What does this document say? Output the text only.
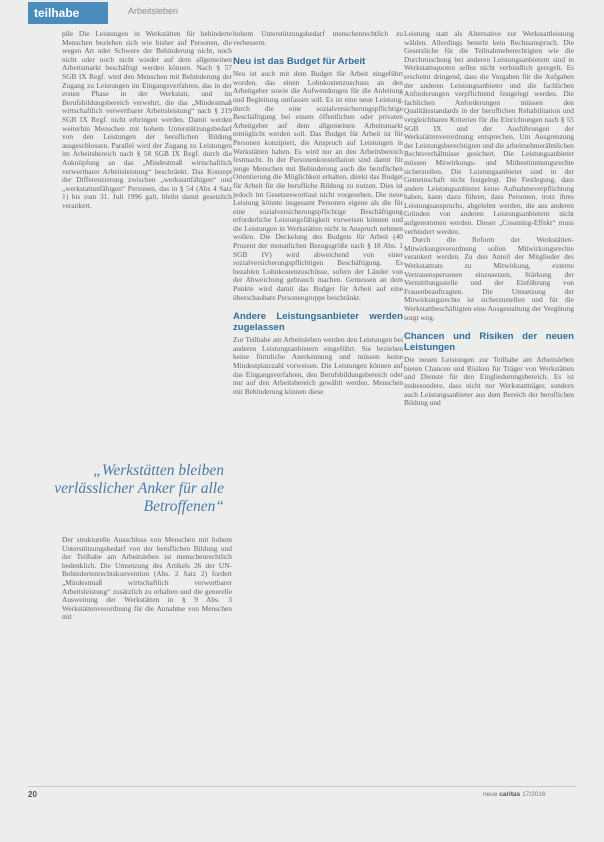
teilhabe	Arbeitsleben

pile Die Leistungen in Werkstätten für behinderte Menschen beziehen sich wie bisher auf Personen, die wegen Art oder Schwere der Behinderung nicht, noch nicht oder noch nicht wieder auf dem allgemeinen Arbeitsmarkt beschäftigt werden können. Nach § 57 SGB IX Regf. wird den Menschen mit Behinderung der Zugang zu Leistungen im Eingangsverfahren, das in der ersten Phase in der Werkstatt, und im Berufsbildungsbereich verwehrt, die das „Mindestmaß wirtschaftlich verwertbarer Arbeitsleistung“ nach § 219 SGB IX Regf. nicht erbringen werden. Damit werden weiterhin Menschen mit hohem Unterstützungsbedarf von den Leistungen der beruflichen Bildung ausgeschlossen. Parallel wird der Zugang zu Leistungen im Arbeitsbereich nach § 58 SGB IX Regf. durch die Anknüpfung an das „Mindestmaß wirtschaftlich verwertbarer Arbeitsleistung“ beschränkt. Das Konzept der Differenzierung zwischen „werkstattfähigen“ und „werkstattunfähigen“ Personen, das in § 54 (Abs 4 Satz 1) bis zum 31. Juli 1996 galt, bleibt damit gesetzlich verankert.

„Werkstätten bleiben verlässlicher Anker für alle Betroffenen“

Der strukturelle Ausschluss von Menschen mit hohem Unterstützungsbedarf von der beruflichen Bildung und der Teilhabe am Arbeitsleben ist menschenrechtlich bedenklich. Die Umsetzung des Artikels 26 der UN-Behindertenrechtskonvention (Abs. 2 Satz 2) fordert „Mindestmaß wirtschaftlich verwertbarer Arbeitsleistung“ zusätzlich zu erhalten und die generelle Ausweitung der Werkstätten in § 9 Abs. 3 Werkstättenverordnung für die Annahme von Menschen mit

hohem Unterstützungsbedarf menschenrechtlich zu verbessern.

Neu ist das Budget für Arbeit

Neu ist auch mit dem Budget für Arbeit eingeführt worden, das einen Lohnkostenzuschuss an den Arbeitgeber sowie die Aufwendungen für die Anleitung und Begleitung umfassen soll. Es ist eine neue Leistung, durch die eine sozialversicherungspflichtige Beschäftigung bei einem öffentlichen oder privaten Arbeitgeber auf dem allgemeinen Arbeitsmarkt ermöglicht werden soll. Das Budget für Arbeit ist für Personen konzipiert, die Anspruch auf Leistungen in Werkstätten haben. Es wird nur an den Arbeitsbereich festmacht. In der Personenkonstellation sind damit für junge Menschen mit Behinderung auch die beruflichen Orientierung die Möglichkeit erhalten, direkt das Budget für Arbeit für die berufliche Bildung zu nutzen. Dies ist jedoch im Gesetzeswortlaut nicht vorgesehen. Die neue Leistung könnte insgesamt Personen eigene als die für eine sozialversicherungspflichtige Beschäftigung erforderliche Leistungsfähigkeit vorweisen können und die Leistungen in Werkstätten nicht in Anspruch nehmen wollen. Die Deckelung des Budgets für Arbeit (40 Prozent der monatlichen Bezugsgröße nach § 18 Abs. 1 SGB IV) wird abweichend von einer sozialversicherungspflichtigen Beschäftigung. Es bezahlen Lohnkostenzuschüsse, sofern der Länder von der Abweichung gebrauch machen. Gemessen an dem Punkte wird damit das Budget für Arbeit auf eine überschaubare Personengruppe beschränkt.

Andere Leistungsanbieter werden zugelassen

Zur Teilhabe am Arbeitsleben werden den Leistungen bei anderen Leistungsanbietern eingeführt. Sie beziehen keine förmliche Anerkennung und müssen keine Mindestplatzzahl vorweisen. Die Leistungen können auf das Eingangsverfahren, den Berufsbildungsbereich oder nur auf den Arbeitsbereich gewählt werden. Menschen mit Behinderung können diese

Leistung statt als Alternative zur Werkstattleistung wählen. Allerdings besteht kein Rechtsanspruch. Die Gesetzliche für die Teilnahmeberechtigten wie die Durchmischung bei anderen Leistungsanbietern sind in Werkstattsquoten selbst nicht verbindlich geregelt. Es erscheint dringend, dass die Vorgaben für die Aufgaben der anderen Leistungsanbieter und die fachlichen Anforderungen verpflichtend festgelegt werden. Die fachlichen Anforderungen müssen den Qualitätsstandards in der beruflichen Rehabilitation und vergleichbaren Kriterien für die Einrichtungen nach § 55 SGB IX und der Ausführungen der Werkstättenverordnung entsprechen. Um Ausgrenzung der Leistungsberechtigten und die arbeitnehmerähnlichen Rechtsverhältnisse gesichert. Die Leistungsanbieter müssen Mitwirkungs- und Mitbestimmungsrechte sicherstellen. Die Leistungsanbieter sind in der Gemeinschaft nicht festgelegt. Die Festlegung, dass andere Leistungsanbieter keine Aufnahmeverpflichtung haben, kann dazu führen, dass Personen, trotz ihres Leistungsanspruchs, abgelehnt werden, die aus anderen Gründen von anderen Leistungsanbietern nicht aufgenommen werden. Dieser „Creaming-Effekt“ muss verhindert werden.

Durch die Reform der Werkstätten-Mitwirkungsverordnung sollen Mitwirkungsrechte verankert werden. Zu den Anteil der Mitglieder des Werkstattrats zu Mitwirkung, externe Vertrauenspersonen einzusetzen, Stärkung der Vermittlungsstelle und der Einführung von Frauenbeauftragten. Die Umsetzung der Mitwirkungsrechte ist sicherzustellen und für die Werkstattbeschäftigten eine Ausgestaltung der Vergütung sorgt weg.

Chancen und Risiken der neuen Leistungen

Die neuen Leistungen zur Teilhabe am Arbeitsleben bieten Chancen und Risiken für Träger von Werkstätten und Dienste für den Eingliederungsbereich. Es ist insbesondere, dass nicht nur Werkstattträger, sondern auch Leistungsanbieter aus dem Bereich der beruflichen Bildung und

20	neue caritas 17/2016
